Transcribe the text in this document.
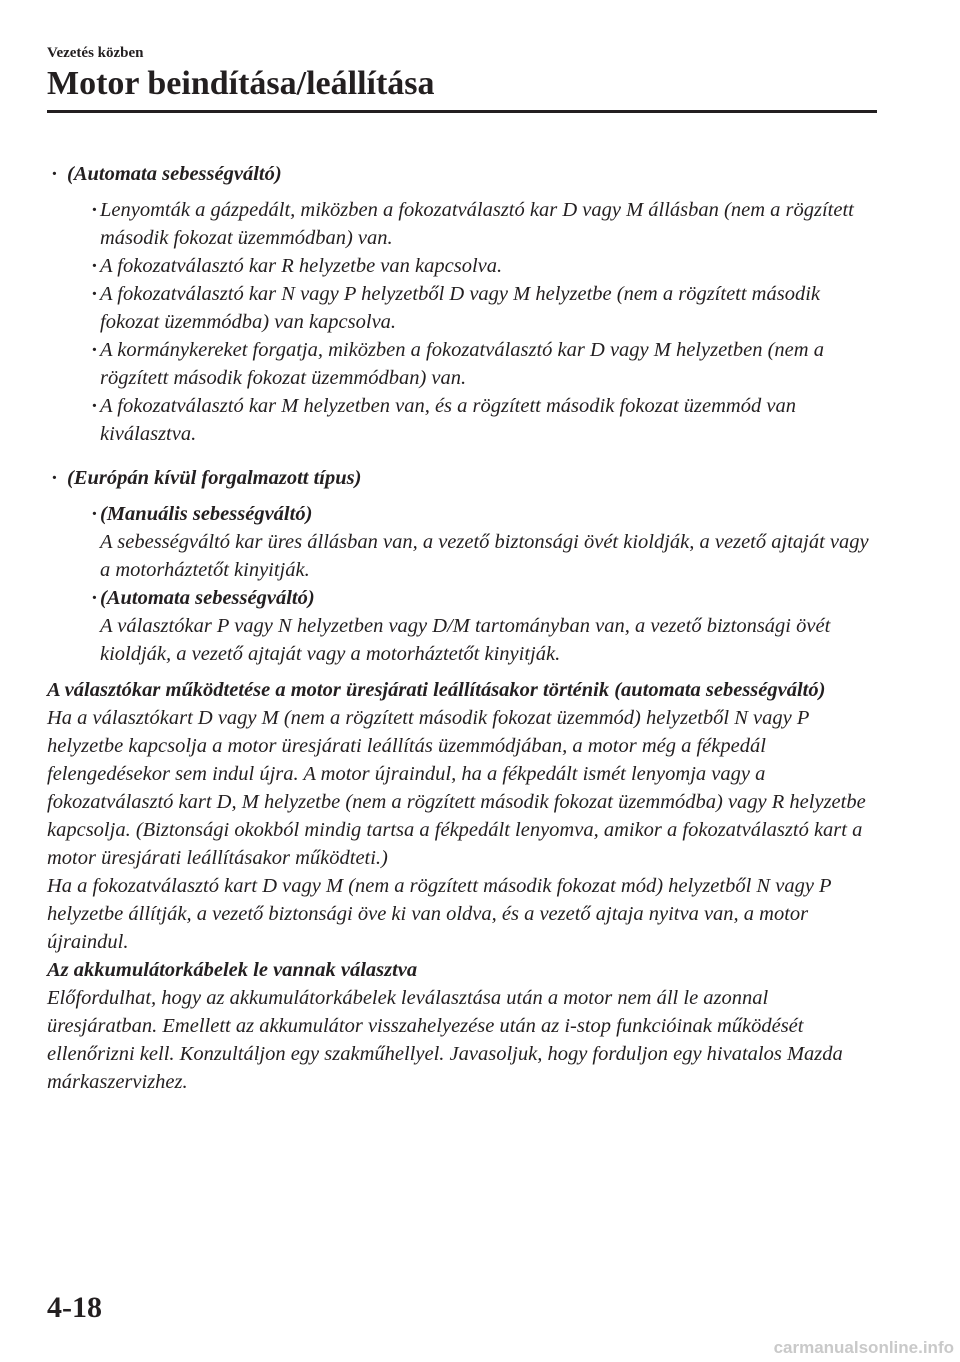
Vezetés közben

Motor beindítása/leállítása
· (Automata sebességváltó)
· Lenyomták a gázpedált, miközben a fokozatválasztó kar D vagy M állásban (nem a rögzített második fokozat üzemmódban) van.
· A fokozatválasztó kar R helyzetbe van kapcsolva.
· A fokozatválasztó kar N vagy P helyzetből D vagy M helyzetbe (nem a rögzített második fokozat üzemmódba) van kapcsolva.
· A kormánykereket forgatja, miközben a fokozatválasztó kar D vagy M helyzetben (nem a rögzített második fokozat üzemmódban) van.
· A fokozatválasztó kar M helyzetben van, és a rögzített második fokozat üzemmód van kiválasztva.
· (Európán kívül forgalmazott típus)
· (Manuális sebességváltó)
A sebességváltó kar üres állásban van, a vezető biztonsági övét kioldják, a vezető ajtaját vagy a motorháztetőt kinyitják.
· (Automata sebességváltó)
A választókar P vagy N helyzetben vagy D/M tartományban van, a vezető biztonsági övét kioldják, a vezető ajtaját vagy a motorháztetőt kinyitják.

A választókar működtetése a motor üresjárati leállításakor történik (automata sebességváltó)

Ha a választókart D vagy M (nem a rögzített második fokozat üzemmód) helyzetből N vagy P helyzetbe kapcsolja a motor üresjárati leállítás üzemmódjában, a motor még a fékpedál felengedésekor sem indul újra. A motor újraindul, ha a fékpedált ismét lenyomja vagy a fokozatválasztó kart D, M helyzetbe (nem a rögzített második fokozat üzemmódba) vagy R helyzetbe kapcsolja. (Biztonsági okokból mindig tartsa a fékpedált lenyomva, amikor a fokozatválasztó kart a motor üresjárati leállításakor működteti.)

Ha a fokozatválasztó kart D vagy M (nem a rögzített második fokozat mód) helyzetből N vagy P helyzetbe állítják, a vezető biztonsági öve ki van oldva, és a vezető ajtaja nyitva van, a motor újraindul.

Az akkumulátorkábelek le vannak választva

Előfordulhat, hogy az akkumulátorkábelek leválasztása után a motor nem áll le azonnal üresjáratban. Emellett az akkumulátor visszahelyezése után az i-stop funkcióinak működését ellenőrizni kell. Konzultáljon egy szakműhellyel. Javasoljuk, hogy forduljon egy hivatalos Mazda márkaszervizhez.

4-18
carmanualsonline.info
